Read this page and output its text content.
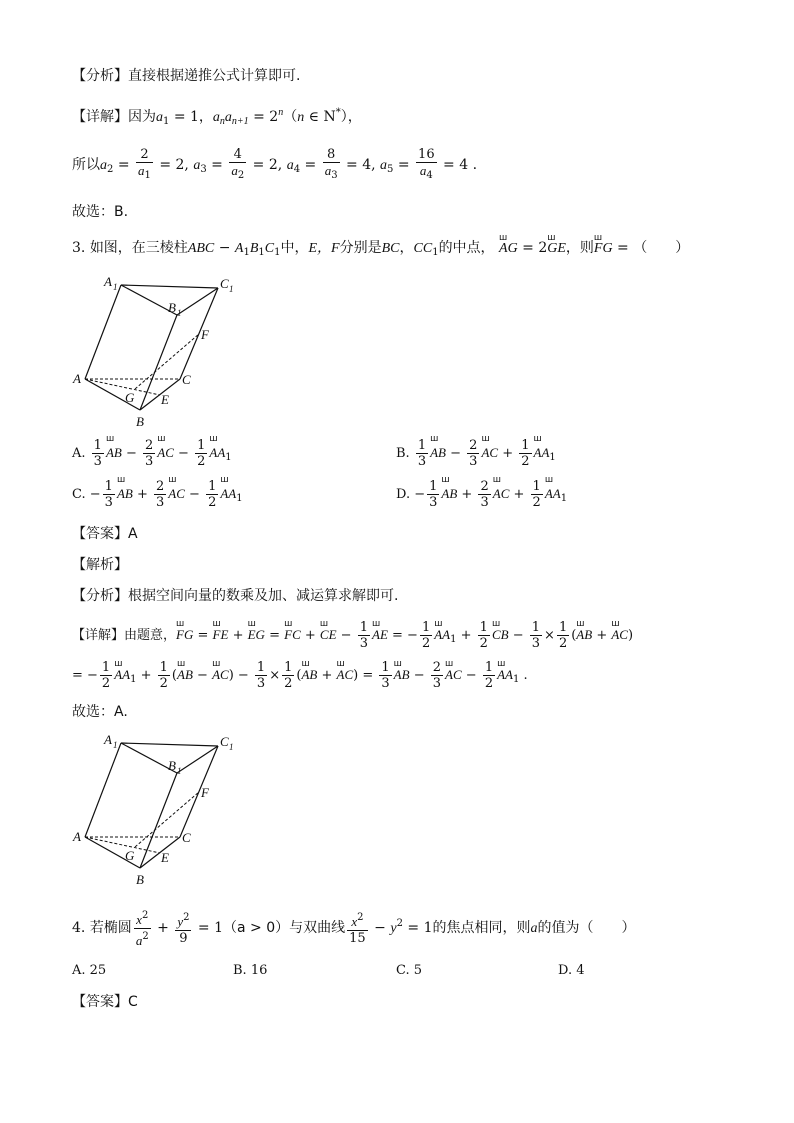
【分析】直接根据递推公式计算即可.
【详解】因为$a_1 = 1$，$a_na_{n+1} = 2^n(n$ ∈ N*），
所以$a_2 = \frac{2}{a_1} = 2$, $a_3 = \frac{4}{a_2} = 2$, $a_4 = \frac{8}{a_3} = 4$, $a_5 = \frac{16}{a_4} = 4$ .
故选：B.
3. 如图，在三棱柱ABC − $A_1B_1C_1$中，E，F分别是BC，$CC_1$的中点， ш AG = 2ш GE，则ш FG = （　　）
A 1	C 1
B 1
F
A	C
G E
B
A. $\frac{1}{3}$ ш AB − $\frac{2}{3}$ ш AC − $\frac{1}{2}$ ш $AA_1$	B. $\frac{1}{3}$ ш AB − $\frac{2}{3}$ ш AC + $\frac{1}{2}$ ш $AA_1$
C. − $\frac{1}{3}$ ш AB + $\frac{2}{3}$ ш AC − $\frac{1}{2}$ ш $AA_1$	D. − $\frac{1}{3}$ ш AB + $\frac{2}{3}$ ш AC + $\frac{1}{2}$ ш $AA_1$
【答案】A
【解析】
【分析】根据空间向量的数乘及加、减运算求解即可.
【详解】由题意，ш FG = ш FE + ш EG = ш FC + ш CE − $\frac{1}{3}$ ш AE = − $\frac{1}{2}$ ш $AA_1 + \frac{1}{2}$ ш CB − $\frac{1}{3} \times \frac{1}{2} (ш$ AB + ш AC)
= − $\frac{1}{2}$ ш $AA_1 + \frac{1}{2} (ш$ AB − ш $AC) - \frac{1}{3} \times \frac{1}{2} (ш$ AB + ш $AC) = \frac{1}{3}$ ш AB − $\frac{2}{3}$ ш AC − $\frac{1}{2}$ ш $AA_1$ .
故选：A.
A 1	C 1
B 1
F
A	C
G E
B
4. 若椭圆 $\frac{x^2}{a^2} + \frac{y^2}{9} = 1(a > 0)$与双曲线 $\frac{x^2}{15} - y^2 = 1$的焦点相同，则a的值为（　　）
A. 25	B. 16	C. 5	D. 4
【答案】C
